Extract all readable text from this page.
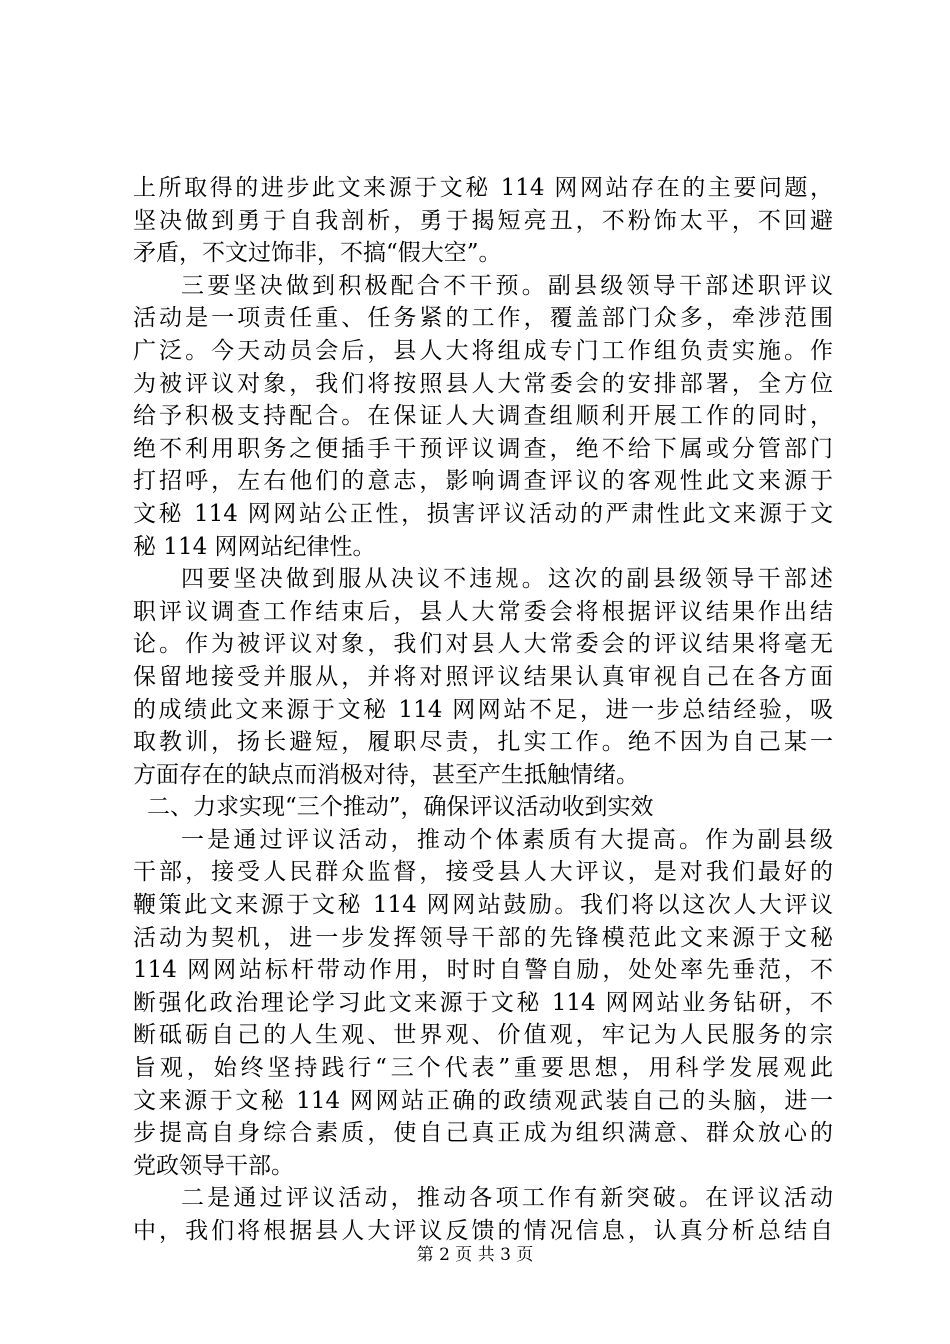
上所取得的进步此文来源于文秘 114 网网站存在的主要问题，
坚决做到勇于自我剖析，勇于揭短亮丑，不粉饰太平，不回避
矛盾，不文过饰非，不搞“假大空”。
三要坚决做到积极配合不干预。副县级领导干部述职评议
活动是一项责任重、任务紧的工作，覆盖部门众多，牵涉范围
广泛。今天动员会后，县人大将组成专门工作组负责实施。作
为被评议对象，我们将按照县人大常委会的安排部署，全方位
给予积极支持配合。在保证人大调查组顺利开展工作的同时，
绝不利用职务之便插手干预评议调查，绝不给下属或分管部门
打招呼，左右他们的意志，影响调查评议的客观性此文来源于
文秘 114 网网站公正性，损害评议活动的严肃性此文来源于文
秘 114 网网站纪律性。
四要坚决做到服从决议不违规。这次的副县级领导干部述
职评议调查工作结束后，县人大常委会将根据评议结果作出结
论。作为被评议对象，我们对县人大常委会的评议结果将毫无
保留地接受并服从，并将对照评议结果认真审视自己在各方面
的成绩此文来源于文秘 114 网网站不足，进一步总结经验，吸
取教训，扬长避短，履职尽责，扎实工作。绝不因为自己某一
方面存在的缺点而消极对待，甚至产生抵触情绪。
二、力求实现“三个推动”，确保评议活动收到实效
一是通过评议活动，推动个体素质有大提高。作为副县级
干部，接受人民群众监督，接受县人大评议，是对我们最好的
鞭策此文来源于文秘 114 网网站鼓励。我们将以这次人大评议
活动为契机，进一步发挥领导干部的先锋模范此文来源于文秘
114 网网站标杆带动作用，时时自警自励，处处率先垂范，不
断强化政治理论学习此文来源于文秘 114 网网站业务钻研，不
断砥砺自己的人生观、世界观、价值观，牢记为人民服务的宗
旨观，始终坚持践行“三个代表”重要思想，用科学发展观此
文来源于文秘 114 网网站正确的政绩观武装自己的头脑，进一
步提高自身综合素质，使自己真正成为组织满意、群众放心的
党政领导干部。
二是通过评议活动，推动各项工作有新突破。在评议活动
中，我们将根据县人大评议反馈的情况信息，认真分析总结自
第 2 页 共 3 页
